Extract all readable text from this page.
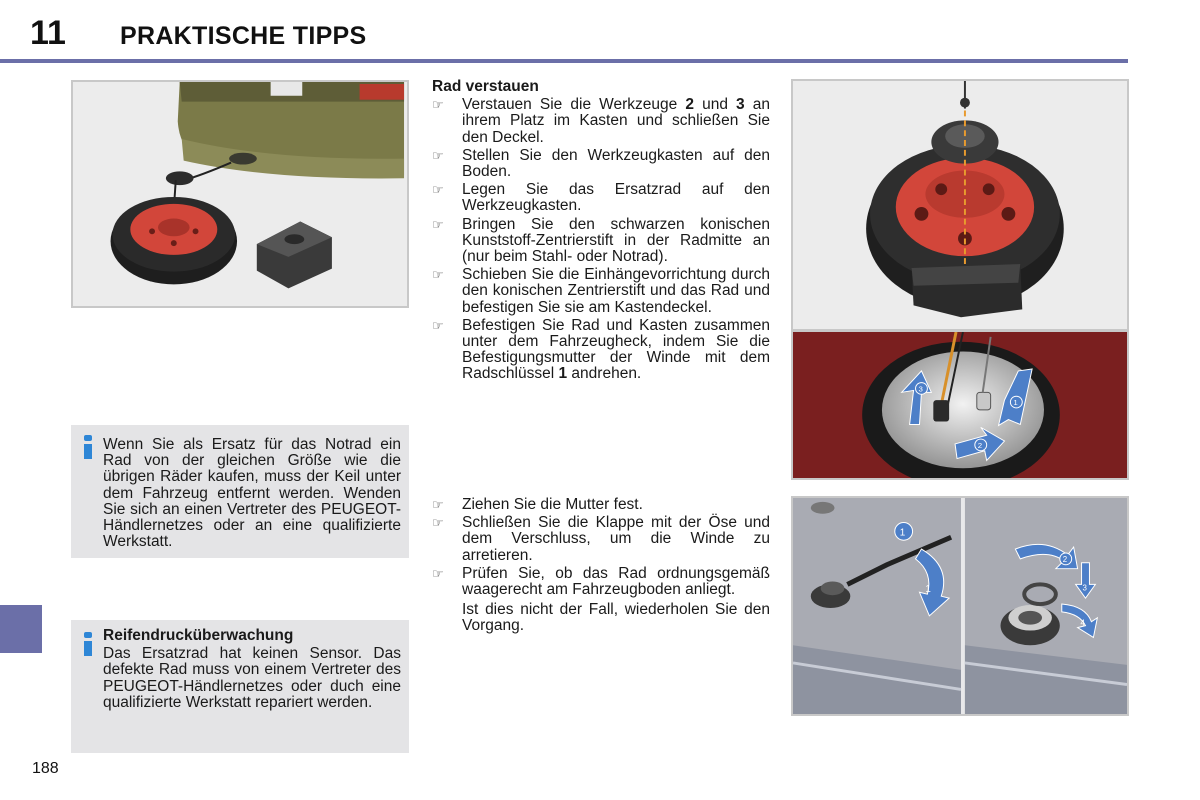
11 PRAKTISCHE TIPPS
188
Wenn Sie als Ersatz für das Notrad ein Rad von der gleichen Größe wie die übrigen Räder kaufen, muss der Keil unter dem Fahrzeug entfernt werden. Wenden Sie sich an einen Vertreter des PEUGEOT-Händlernetzes oder an eine qualifizierte Werkstatt.
Reifendrucküberwachung
Das Ersatzrad hat keinen Sensor. Das defekte Rad muss von einem Vertreter des PEUGEOT-Händlernetzes oder duch eine qualifizierte Werkstatt repariert werden.
Rad verstauen
☞ Verstauen Sie die Werkzeuge 2 und 3 an ihrem Platz im Kasten und schließen Sie den Deckel.
☞ Stellen Sie den Werkzeugkasten auf den Boden.
☞ Legen Sie das Ersatzrad auf den Werkzeugkasten.
☞ Bringen Sie den schwarzen konischen Kunststoff-Zentrierstift in der Radmitte an (nur beim Stahl- oder Notrad).
☞ Schieben Sie die Einhängevorrichtung durch den konischen Zentrierstift und das Rad und befestigen Sie sie am Kastendeckel.
☞ Befestigen Sie Rad und Kasten zusammen unter dem Fahrzeugheck, indem Sie die Befestigungsmutter der Winde mit dem Radschlüssel 1 andrehen.
☞ Ziehen Sie die Mutter fest.
☞ Schließen Sie die Klappe mit der Öse und dem Verschluss, um die Winde zu arretieren.
☞ Prüfen Sie, ob das Rad ordnungsgemäß waagerecht am Fahrzeugboden anliegt.
Ist dies nicht der Fall, wiederholen Sie den Vorgang.
3
1
2
1
1
2
3
4
